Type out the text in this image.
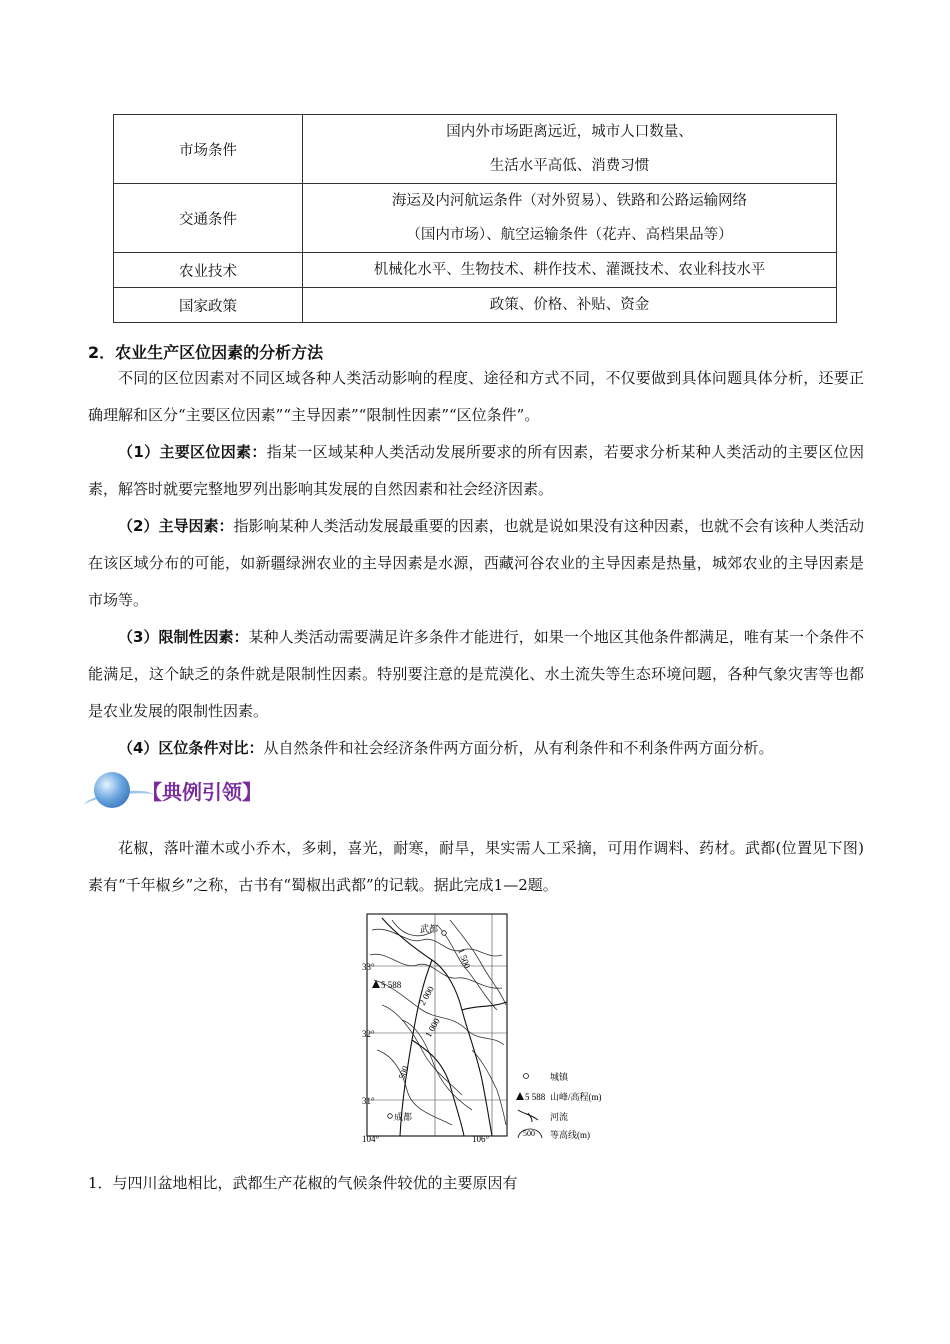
市场条件	国内外市场距离远近，城市人口数量、
生活水平高低、消费习惯

交通条件	海运及内河航运条件（对外贸易）、铁路和公路运输网络
（国内市场）、航空运输条件（花卉、高档果品等）

农业技术	机械化水平、生物技术、耕作技术、灌溉技术、农业科技水平

国家政策	政策、价格、补贴、资金
2．农业生产区位因素的分析方法

不同的区位因素对不同区域各种人类活动影响的程度、途径和方式不同，不仅要做到具体问题具体分析，还要正确理解和区分“主要区位因素”“主导因素”“限制性因素”“区位条件”。

（1）主要区位因素：指某一区域某种人类活动发展所要求的所有因素，若要求分析某种人类活动的主要区位因素，解答时就要完整地罗列出影响其发展的自然因素和社会经济因素。

（2）主导因素：指影响某种人类活动发展最重要的因素，也就是说如果没有这种因素，也就不会有该种人类活动在该区域分布的可能，如新疆绿洲农业的主导因素是水源，西藏河谷农业的主导因素是热量，城郊农业的主导因素是市场等。

（3）限制性因素：某种人类活动需要满足许多条件才能进行，如果一个地区其他条件都满足，唯有某一个条件不能满足，这个缺乏的条件就是限制性因素。特别要注意的是荒漠化、水土流失等生态环境问题，各种气象灾害等也都是农业发展的限制性因素。

（4）区位条件对比：从自然条件和社会经济条件两方面分析，从有利条件和不利条件两方面分析。

【典例引领】

花椒，落叶灌木或小乔木，多刺，喜光，耐寒，耐旱，果实需人工采摘，可用作调料、药材。武都(位置见下图)素有“千年椒乡”之称，古书有“蜀椒出武都”的记载。据此完成1—2题。

武都
33°
32°
31°
104°	106°
5 588
1 500
2 000
1 000
500
成都
城镇
5 588 山峰/高程(m)
河流
500 等高线(m)
1．与四川盆地相比，武都生产花椒的气候条件较优的主要原因有
